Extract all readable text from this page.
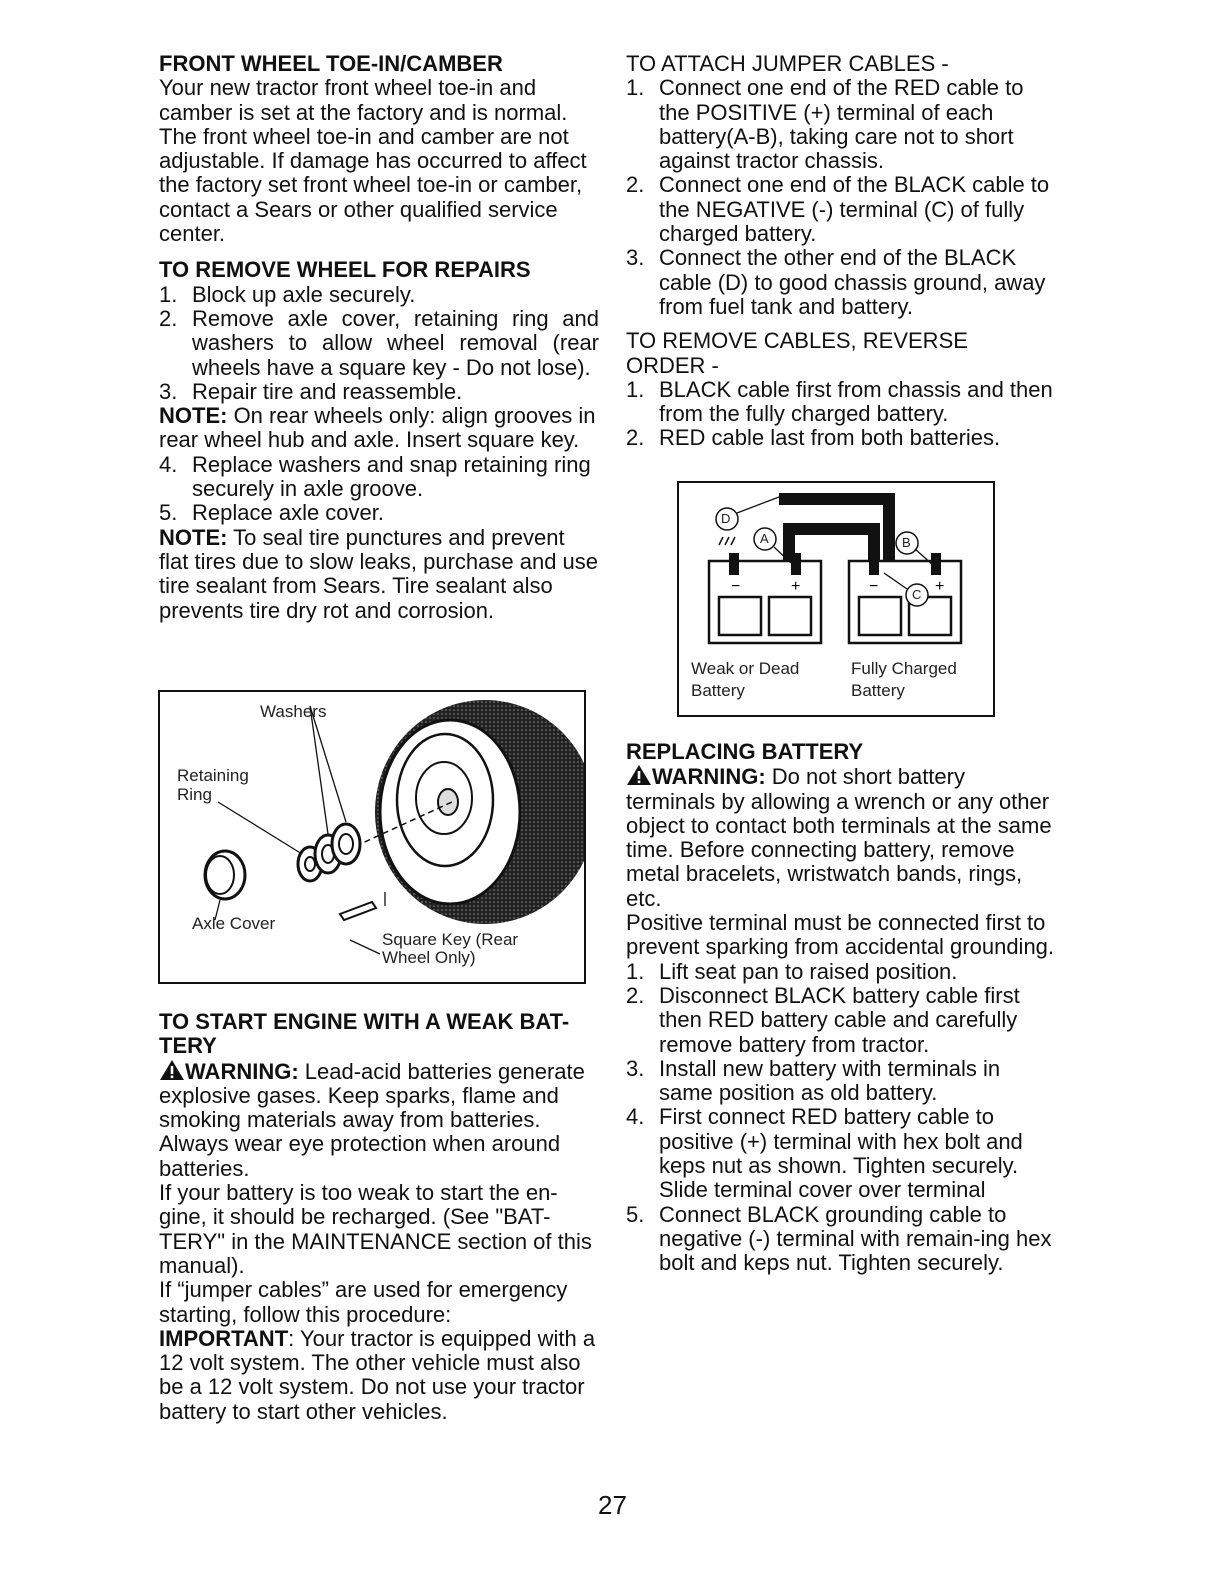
FRONT WHEEL TOE-IN/CAMBER

Your new tractor front wheel toe-in and camber is set at the factory and is normal. The front wheel toe-in and camber are not adjustable. If damage has occurred to affect the factory set front wheel toe-in or camber, contact a Sears or other qualified service center.

TO REMOVE WHEEL FOR REPAIRS

1. Block up axle securely.
2. Remove axle cover, retaining ring and washers to allow wheel removal (rear wheels have a square key - Do not lose).
3. Repair tire and reassemble.

NOTE: On rear wheels only: align grooves in rear wheel hub and axle. Insert square key.

4. Replace washers and snap retaining ring securely in axle groove.
5. Replace axle cover.

NOTE: To seal tire punctures and prevent flat tires due to slow leaks, purchase and use tire sealant from Sears. Tire sealant also prevents tire dry rot and corrosion.

Washers
Retaining
Ring
Axle Cover
Square Key (Rear
Wheel Only)

TO START ENGINE WITH A WEAK BAT-TERY

WARNING: Lead-acid batteries generate explosive gases. Keep sparks, flame and smoking materials away from batteries. Always wear eye protection when around batteries.

If your battery is too weak to start the en-gine, it should be recharged. (See "BAT-TERY" in the MAINTENANCE section of this manual).

If “jumper cables” are used for emergency starting, follow this procedure:

IMPORTANT: Your tractor is equipped with a 12 volt system. The other vehicle must also be a 12 volt system. Do not use your tractor battery to start other vehicles.

TO ATTACH JUMPER CABLES -

1. Connect one end of the RED cable to the POSITIVE (+) terminal of each battery(A-B), taking care not to short against tractor chassis.
2. Connect one end of the BLACK cable to the NEGATIVE (-) terminal (C) of fully charged battery.
3. Connect the other end of the BLACK cable (D) to good chassis ground, away from fuel tank and battery.

TO REMOVE CABLES, REVERSE ORDER -

1. BLACK cable first from chassis and then from the fully charged battery.
2. RED cable last from both batteries.
−	+	−	+
D
A	B
C
Weak or Dead
Battery
Fully Charged
Battery

REPLACING BATTERY

WARNING: Do not short battery terminals by allowing a wrench or any other object to contact both terminals at the same time. Before connecting battery, remove metal bracelets, wristwatch bands, rings, etc.

Positive terminal must be connected first to prevent sparking from accidental grounding.

1. Lift seat pan to raised position.
2. Disconnect BLACK battery cable first then RED battery cable and carefully remove battery from tractor.
3. Install new battery with terminals in same position as old battery.
4. First connect RED battery cable to positive (+) terminal with hex bolt and keps nut as shown. Tighten securely. Slide terminal cover over terminal
5. Connect BLACK grounding cable to negative (-) terminal with remain-ing hex bolt and keps nut. Tighten securely.
27
